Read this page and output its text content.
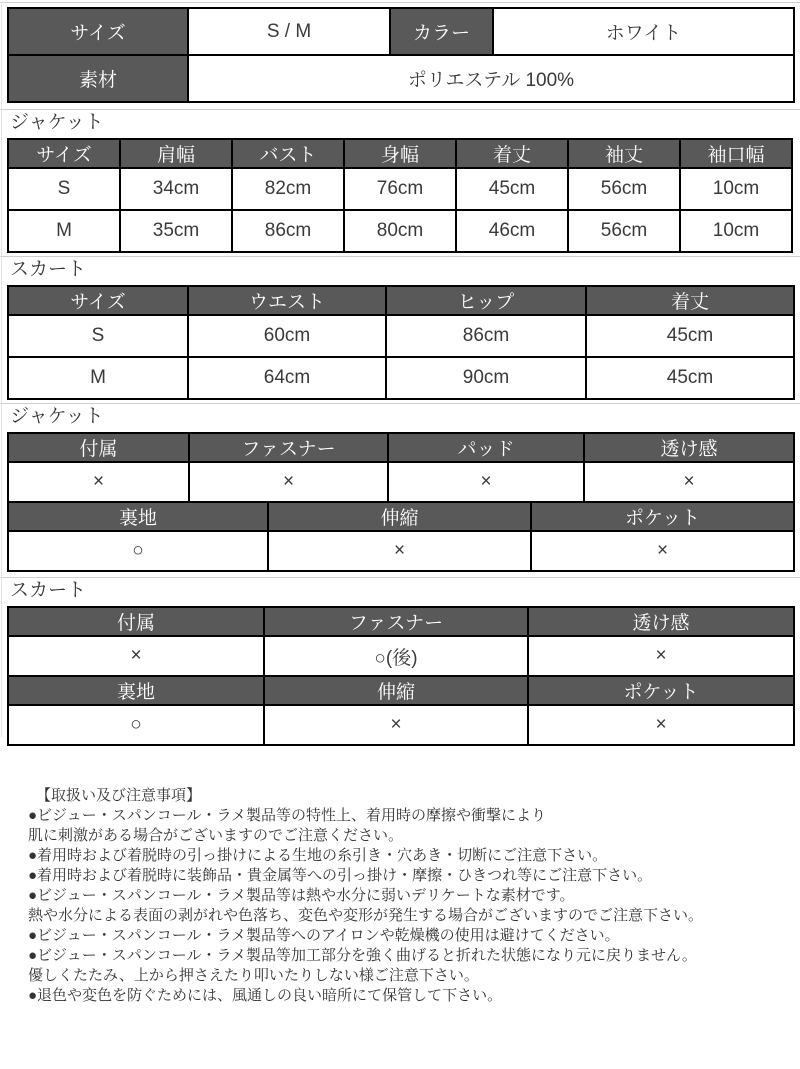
サイズ	S / M	カラー	ホワイト
素材	ポリエステル 100%		
ジャケット
サイズ	肩幅	バスト	身幅	着丈	袖丈	袖口幅
S	34cm	82cm	76cm	45cm	56cm	10cm
M	35cm	86cm	80cm	46cm	56cm	10cm
スカート
サイズ	ウエスト	ヒップ	着丈
S	60cm	86cm	45cm
M	64cm	90cm	45cm
ジャケット
付属	ファスナー	パッド	透け感
×	×	×	×
裏地	伸縮	ポケット
○	×	×
スカート
付属	ファスナー	透け感
×	○(後)	×
裏地	伸縮	ポケット
○	×	×
【取扱い及び注意事項】
●ビジュー・スパンコール・ラメ製品等の特性上、着用時の摩擦や衝撃により
肌に刺激がある場合がございますのでご注意ください。
●着用時および着脱時の引っ掛けによる生地の糸引き・穴あき・切断にご注意下さい。
●着用時および着脱時に装飾品・貴金属等への引っ掛け・摩擦・ひきつれ等にご注意下さい。
●ビジュー・スパンコール・ラメ製品等は熱や水分に弱いデリケートな素材です。
熱や水分による表面の剥がれや色落ち、変色や変形が発生する場合がございますのでご注意下さい。
●ビジュー・スパンコール・ラメ製品等へのアイロンや乾燥機の使用は避けてください。
●ビジュー・スパンコール・ラメ製品等加工部分を強く曲げると折れた状態になり元に戻りません。
優しくたたみ、上から押さえたり叩いたりしない様ご注意下さい。
●退色や変色を防ぐためには、風通しの良い暗所にて保管して下さい。
